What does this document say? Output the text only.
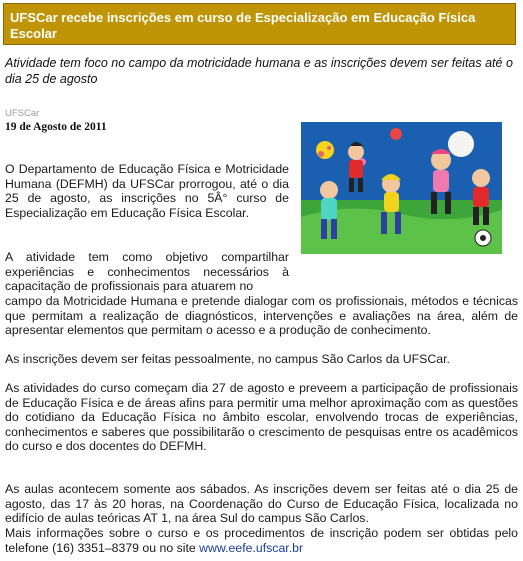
UFSCar recebe inscrições em curso de Especialização em Educação Física Escolar

Atividade tem foco no campo da motricidade humana e as inscrições devem ser feitas até o dia 25 de agosto

UFSCar

19 de Agosto de 2011

O Departamento de Educação Física e Motricidade Humana (DEFMH) da UFSCar prorrogou, até o dia 25 de agosto, as inscrições no 5Â° curso de Especialização em Educação Física Escolar.

A atividade tem como objetivo compartilhar experiências e conhecimentos necessários à capacitação de profissionais para atuarem no

campo da Motricidade Humana e pretende dialogar com os profissionais, métodos e técnicas que permitam a realização de diagnósticos, intervenções e avaliações na área, além de apresentar elementos que permitam o acesso e a produção de conhecimento.

As inscrições devem ser feitas pessoalmente, no campus São Carlos da UFSCar.

As atividades do curso começam dia 27 de agosto e preveem a participação de profissionais de Educação Física e de áreas afins para permitir uma melhor aproximação com as questões do cotidiano da Educação Física no âmbito escolar, envolvendo trocas de experiências, conhecimentos e saberes que possibilitarão o crescimento de pesquisas entre os acadêmicos do curso e dos docentes do DEFMH.

As aulas acontecem somente aos sábados. As inscrições devem ser feitas até o dia 25 de agosto, das 17 às 20 horas, na Coordenação do Curso de Educação Física, localizada no edifício de aulas teóricas AT 1, na área Sul do campus São Carlos.

Mais informações sobre o curso e os procedimentos de inscrição podem ser obtidas pelo telefone (16) 3351–8379 ou no site www.eefe.ufscar.br
